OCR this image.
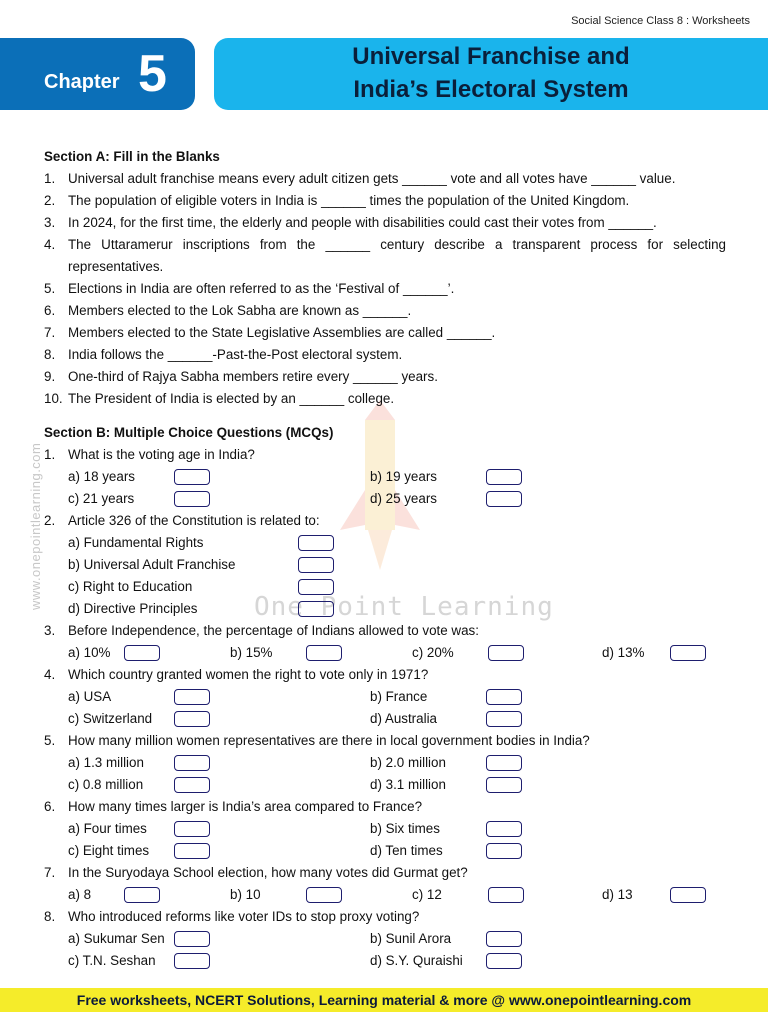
Social Science Class 8 : Worksheets
Chapter 5	Universal Franchise and
India’s Electoral System
www.onepointlearning.com	One Point Learning
Section A: Fill in the Blanks
1. Universal adult franchise means every adult citizen gets ______ vote and all votes have ______ value.
2. The population of eligible voters in India is ______ times the population of the United Kingdom.
3. In 2024, for the first time, the elderly and people with disabilities could cast their votes from ______.
4. The Uttaramerur inscriptions from the ______ century describe a transparent process for selecting
representatives.
5. Elections in India are often referred to as the ‘Festival of ______’.
6. Members elected to the Lok Sabha are known as ______.
7. Members elected to the State Legislative Assemblies are called ______.
8. India follows the ______-Past-the-Post electoral system.
9. One-third of Rajya Sabha members retire every ______ years.
10. The President of India is elected by an ______ college.
Section B: Multiple Choice Questions (MCQs)
1. What is the voting age in India?
a) 18 years	b) 19 years
c) 21 years	d) 25 years
2. Article 326 of the Constitution is related to:
a) Fundamental Rights
b) Universal Adult Franchise
c) Right to Education
d) Directive Principles
3. Before Independence, the percentage of Indians allowed to vote was:
a) 10%	b) 15%	c) 20%	d) 13%
4. Which country granted women the right to vote only in 1971?
a) USA	b) France
c) Switzerland	d) Australia
5. How many million women representatives are there in local government bodies in India?
a) 1.3 million	b) 2.0 million
c) 0.8 million	d) 3.1 million
6. How many times larger is India’s area compared to France?
a) Four times	b) Six times
c) Eight times	d) Ten times
7. In the Suryodaya School election, how many votes did Gurmat get?
a) 8	b) 10	c) 12	d) 13
8. Who introduced reforms like voter IDs to stop proxy voting?
a) Sukumar Sen	b) Sunil Arora
c) T.N. Seshan	d) S.Y. Quraishi
Free worksheets, NCERT Solutions, Learning material & more @ www.onepointlearning.com
